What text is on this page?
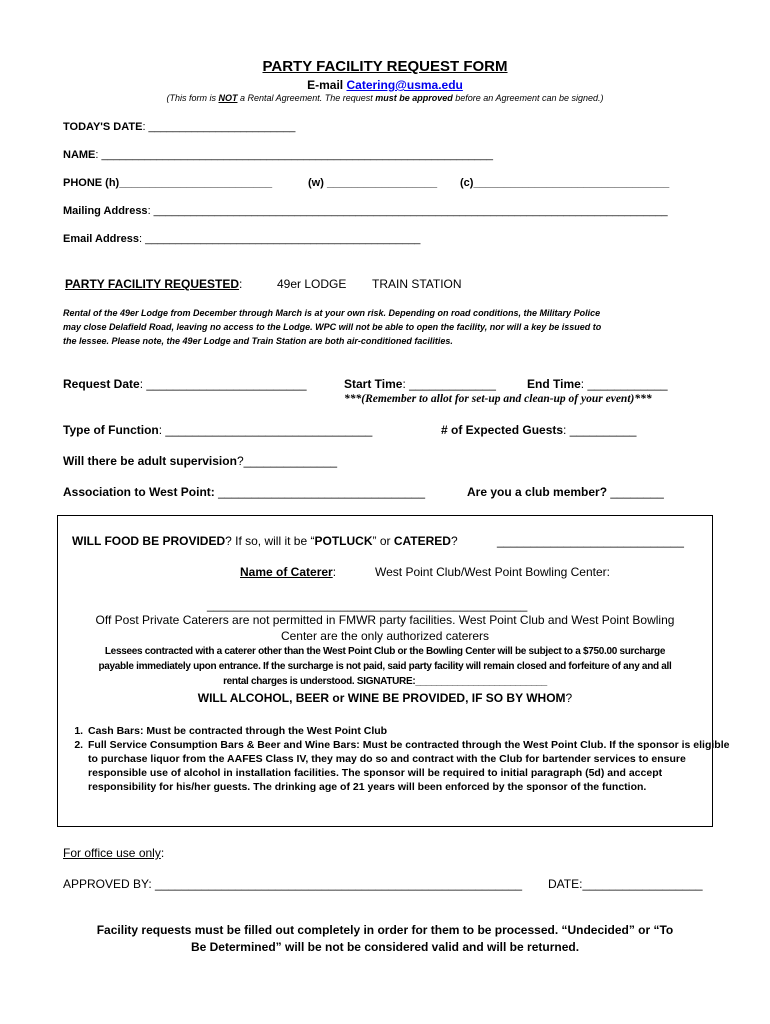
PARTY FACILITY REQUEST FORM
E-mail Catering@usma.edu
(This form is NOT a Rental Agreement. The request must be approved before an Agreement can be signed.)
TODAY'S DATE: ________________________
NAME: ________________________________________________________________
PHONE (h)_________________________	(w) __________________ (c)________________________________
Mailing Address: ____________________________________________________________________________________
Email Address: _____________________________________________
PARTY FACILITY REQUESTED:	49er LODGE TRAIN STATION
Rental of the 49er Lodge from December through March is at your own risk. Depending on road conditions, the Military Police
may close Delafield Road, leaving no access to the Lodge. WPC will not be able to open the facility, nor will a key be issued to
the lessee. Please note, the 49er Lodge and Train Station are both air-conditioned facilities.
Request Date: ________________________	Start Time: _____________	End Time: ____________
***(Remember to allot for set-up and clean-up of your event)***
Type of Function: _______________________________	# of Expected Guests: __________
Will there be adult supervision?______________
Association to West Point: _______________________________	Are you a club member? ________
WILL FOOD BE PROVIDED? If so, will it be “POTLUCK” or CATERED?	____________________________
Name of Caterer:	West Point Club/West Point Bowling Center:
________________________________________________
Off Post Private Caterers are not permitted in FMWR party facilities. West Point Club and West Point Bowling
Center are the only authorized caterers
Lessees contracted with a caterer other than the West Point Club or the Bowling Center will be subject to a $750.00 surcharge
payable immediately upon entrance. If the surcharge is not paid, said party facility will remain closed and forfeiture of any and all
rental charges is understood. SIGNATURE:_________________________
WILL ALCOHOL, BEER or WINE BE PROVIDED, IF SO BY WHOM?
1. Cash Bars: Must be contracted through the West Point Club
2. Full Service Consumption Bars & Beer and Wine Bars: Must be contracted through the West Point Club. If the sponsor is eligible to purchase liquor from the AAFES Class IV, they may do so and contract with the Club for bartender services to ensure responsible use of alcohol in installation facilities. The sponsor will be required to initial paragraph (5d) and accept responsibility for his/her guests. The drinking age of 21 years will been enforced by the sponsor of the function.
For office use only:
APPROVED BY: _______________________________________________________ DATE:__________________
Facility requests must be filled out completely in order for them to be processed. “Undecided” or “To
Be Determined” will be not be considered valid and will be returned.
